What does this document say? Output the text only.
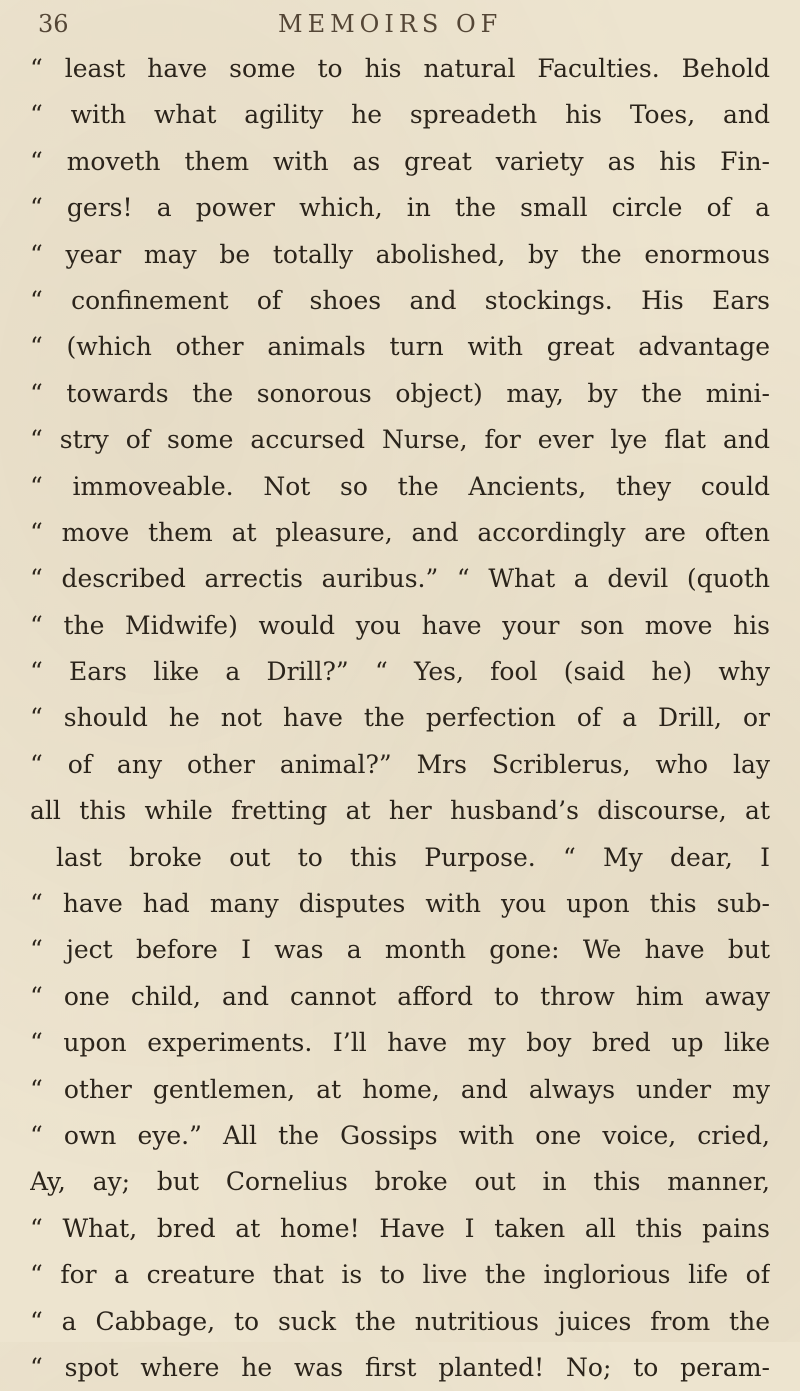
36	MEMOIRS OF
“ least have some to his natural Faculties. Behold
“ with what agility he spreadeth his Toes, and
“ moveth them with as great variety as his Fin-
“ gers! a power which, in the small circle of a
“ year may be totally abolished, by the enormous
“ confinement of shoes and stockings. His Ears
“ (which other animals turn with great advantage
“ towards the sonorous object) may, by the mini-
“ stry of some accursed Nurse, for ever lye flat and
“ immoveable. Not so the Ancients, they could
“ move them at pleasure, and accordingly are often
“ described arrectis auribus.” “ What a devil (quoth
“ the Midwife) would you have your son move his
“ Ears like a Drill?” “ Yes, fool (said he) why
“ should he not have the perfection of a Drill, or
“ of any other animal?” Mrs Scriblerus, who lay
all this while fretting at her husband’s discourse, at
last broke out to this Purpose. “ My dear, I
“ have had many disputes with you upon this sub-
“ ject before I was a month gone: We have but
“ one child, and cannot afford to throw him away
“ upon experiments. I’ll have my boy bred up like
“ other gentlemen, at home, and always under my
“ own eye.” All the Gossips with one voice, cried,
Ay, ay; but Cornelius broke out in this manner,
“ What, bred at home! Have I taken all this pains
“ for a creature that is to live the inglorious life of
“ a Cabbage, to suck the nutritious juices from the
“ spot where he was first planted! No; to peram-
